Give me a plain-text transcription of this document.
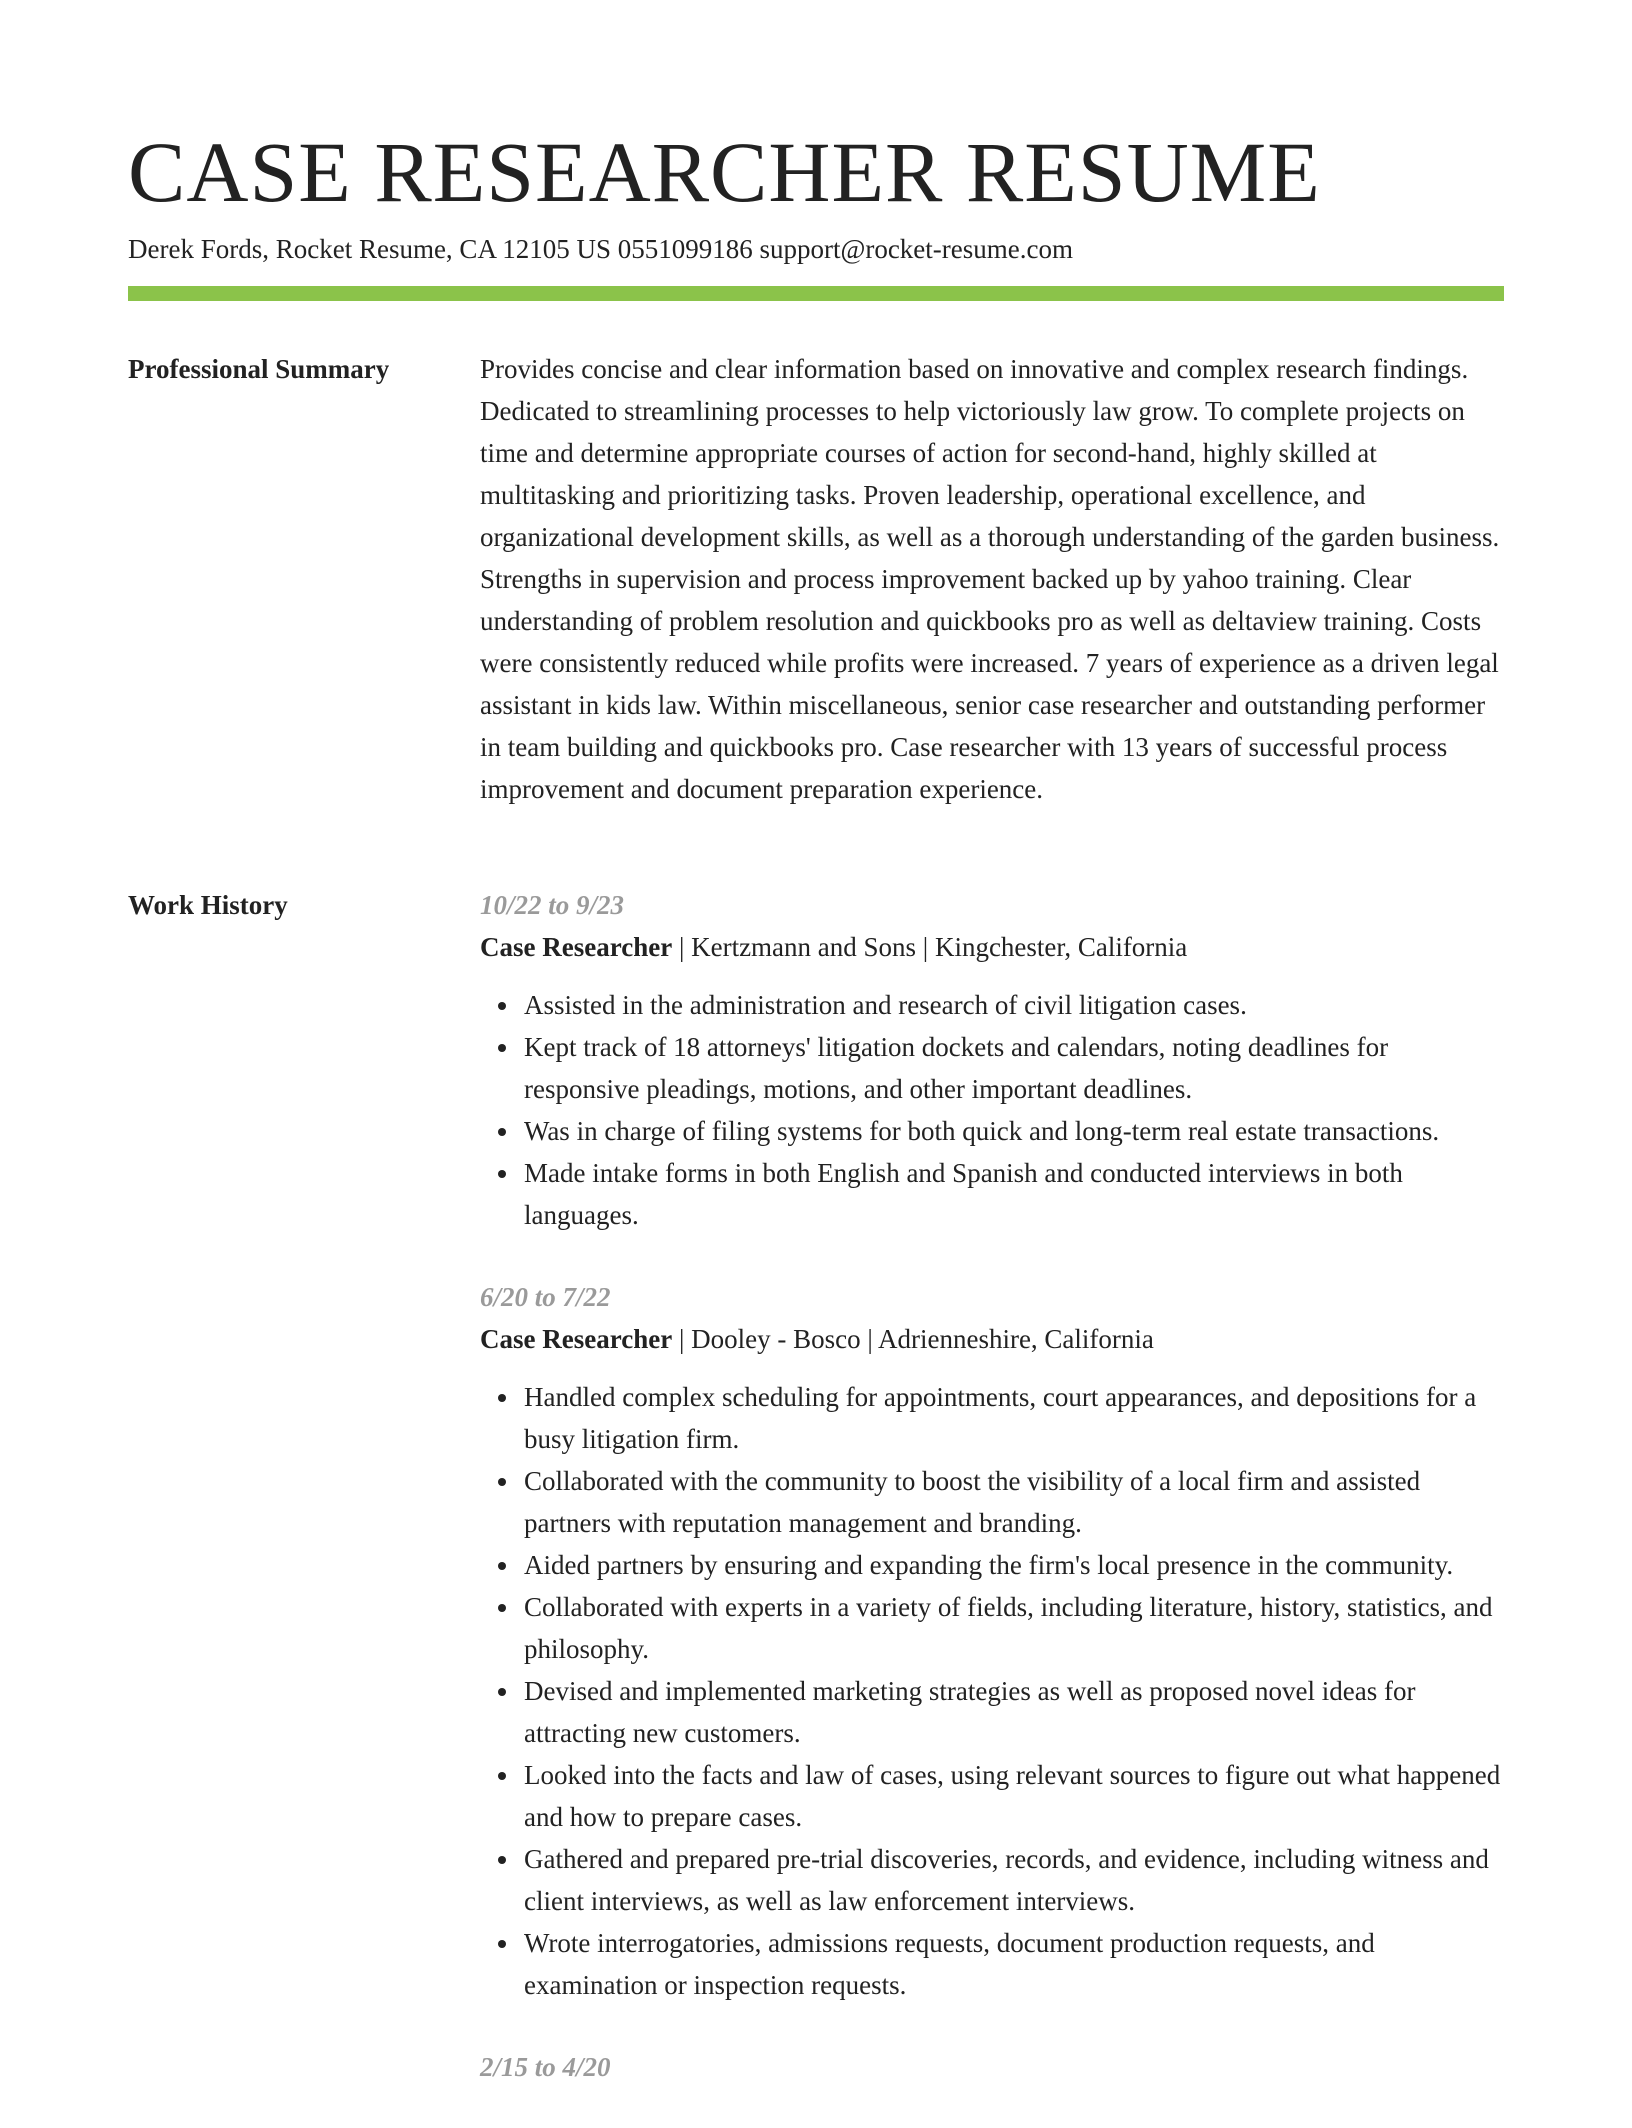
CASE RESEARCHER RESUME
Derek Fords, Rocket Resume, CA 12105 US 0551099186 support@rocket-resume.com
Professional Summary	Provides concise and clear information based on innovative and complex research findings. Dedicated to streamlining processes to help victoriously law grow. To complete projects on time and determine appropriate courses of action for second-hand, highly skilled at multitasking and prioritizing tasks. Proven leadership, operational excellence, and organizational development skills, as well as a thorough understanding of the garden business. Strengths in supervision and process improvement backed up by yahoo training. Clear understanding of problem resolution and quickbooks pro as well as deltaview training. Costs were consistently reduced while profits were increased. 7 years of experience as a driven legal assistant in kids law. Within miscellaneous, senior case researcher and outstanding performer in team building and quickbooks pro. Case researcher with 13 years of successful process improvement and document preparation experience.

Work History	10/22 to 9/23
Case Researcher | Kertzmann and Sons | Kingchester, California
Assisted in the administration and research of civil litigation cases.
Kept track of 18 attorneys' litigation dockets and calendars, noting deadlines for responsive pleadings, motions, and other important deadlines.
Was in charge of filing systems for both quick and long-term real estate transactions.
Made intake forms in both English and Spanish and conducted interviews in both languages.
6/20 to 7/22
Case Researcher | Dooley - Bosco | Adrienneshire, California
Handled complex scheduling for appointments, court appearances, and depositions for a busy litigation firm.
Collaborated with the community to boost the visibility of a local firm and assisted partners with reputation management and branding.
Aided partners by ensuring and expanding the firm's local presence in the community.
Collaborated with experts in a variety of fields, including literature, history, statistics, and philosophy.
Devised and implemented marketing strategies as well as proposed novel ideas for attracting new customers.
Looked into the facts and law of cases, using relevant sources to figure out what happened and how to prepare cases.
Gathered and prepared pre-trial discoveries, records, and evidence, including witness and client interviews, as well as law enforcement interviews.
Wrote interrogatories, admissions requests, document production requests, and examination or inspection requests.
2/15 to 4/20
